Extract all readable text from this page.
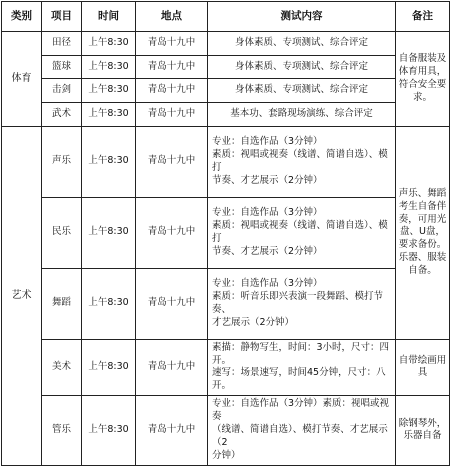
类别	项目	时间	地点	测试内容	备注
体育	田径	上午8:30	青岛十九中	身体素质、专项测试、综合评定	自备服装及体育用具，符合安全要求。
	篮球	上午8:30	青岛十九中	身体素质、专项测试、综合评定	

	击剑	上午8:30	青岛十九中	身体素质、专项测试、综合评定	

	武术	上午8:30	青岛十九中	基本功、套路现场演练、综合评定	

艺术	声乐	上午8:30	青岛十九中	专业：自选作品（3分钟）
素质：视唱或视奏（线谱、简谱自选）、模打
节奏、才艺展示（2分钟）	声乐、舞蹈考生自备伴奏，可用光盘、U盘，要求备份。乐器、服装自备。
	民乐	上午8:30	青岛十九中	专业：自选作品（3分钟）
素质：视唱或视奏（线谱、简谱自选）、模打
节奏、才艺展示（2分钟）	

	舞蹈	上午8:30	青岛十九中	专业：自选作品（3分钟）
素质：听音乐即兴表演一段舞蹈、模打节奏、
才艺展示（2分钟）	

	美术	上午8:30	青岛十九中	素描：静物写生，时间：3小时，尺寸：四开。
速写：场景速写，时间45分钟，尺寸：八开。	自带绘画用具
	管乐	上午8:30	青岛十九中	专业：自选作品（3分钟）素质：视唱或视奏
（线谱、简谱自选）、模打节奏、才艺展示（2
分钟）	除钢琴外，乐器自备
